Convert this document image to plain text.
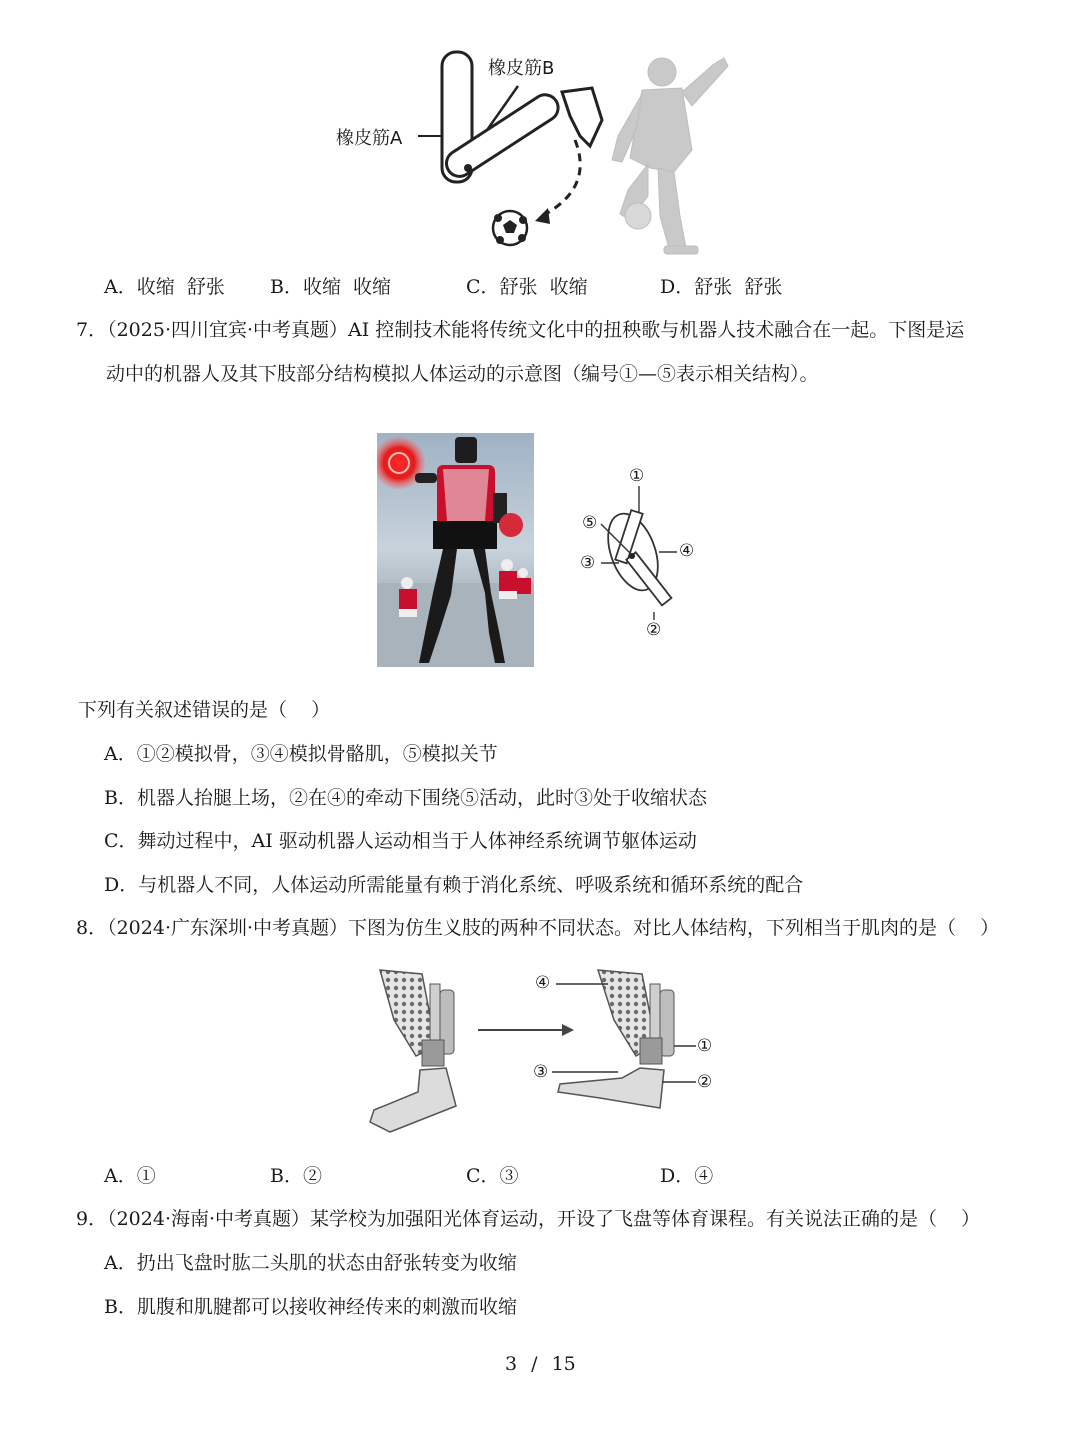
橡皮筋A
橡皮筋B
A．收缩  舒张 B．收缩  收缩	C．舒张  收缩	D．舒张  舒张
7．（2025·四川宜宾·中考真题）AI 控制技术能将传统文化中的扭秧歌与机器人技术融合在一起。下图是运
动中的机器人及其下肢部分结构模拟人体运动的示意图（编号①—⑤表示相关结构）。
①
②
③
④
⑤
下列有关叙述错误的是（    ）
A．①②模拟骨，③④模拟骨骼肌，⑤模拟关节
B．机器人抬腿上场，②在④的牵动下围绕⑤活动，此时③处于收缩状态
C．舞动过程中，AI 驱动机器人运动相当于人体神经系统调节躯体运动
D．与机器人不同，人体运动所需能量有赖于消化系统、呼吸系统和循环系统的配合
8．（2024·广东深圳·中考真题）下图为仿生义肢的两种不同状态。对比人体结构，下列相当于肌肉的是（    ）
④
①
③	②
A．①	B．②	C．③	D．④
9．（2024·海南·中考真题）某学校为加强阳光体育运动，开设了飞盘等体育课程。有关说法正确的是（    ）
A．扔出飞盘时肱二头肌的状态由舒张转变为收缩
B．肌腹和肌腱都可以接收神经传来的刺激而收缩
3 / 15
